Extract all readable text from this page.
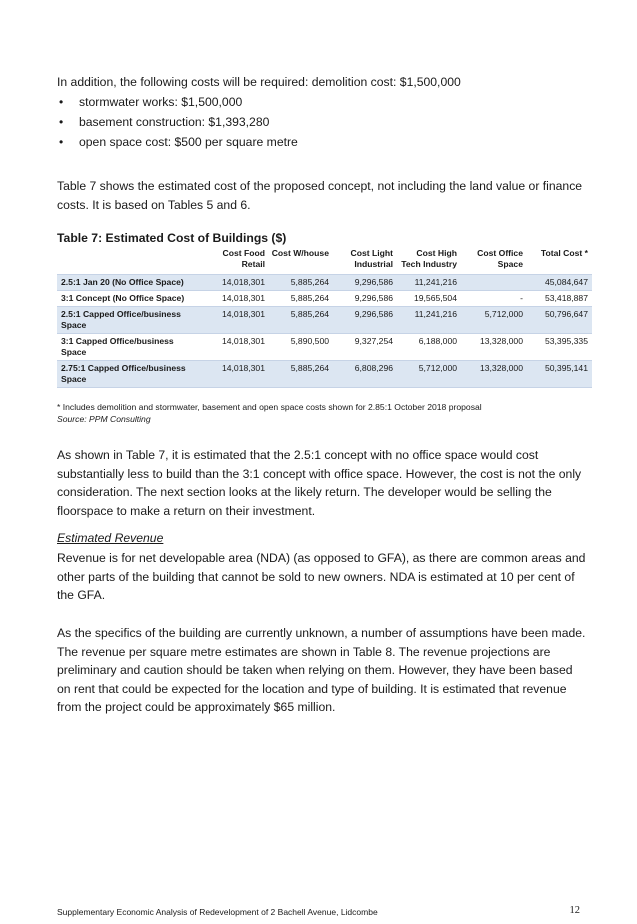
In addition, the following costs will be required: demolition cost: $1,500,000
• stormwater works: $1,500,000
• basement construction: $1,393,280
• open space cost: $500 per square metre
Table 7 shows the estimated cost of the proposed concept, not including the land value or finance costs. It is based on Tables 5 and 6.
Table 7: Estimated Cost of Buildings ($)
	Cost Food Retail	Cost W/house	Cost Light Industrial	Cost High Tech Industry	Cost Office Space	Total Cost *
2.5:1 Jan 20 (No Office Space)	14,018,301	5,885,264	9,296,586	11,241,216		45,084,647
3:1 Concept (No Office Space)	14,018,301	5,885,264	9,296,586	19,565,504	-	53,418,887
2.5:1 Capped Office/business Space	14,018,301	5,885,264	9,296,586	11,241,216	5,712,000	50,796,647
3:1 Capped Office/business Space	14,018,301	5,890,500	9,327,254	6,188,000	13,328,000	53,395,335
2.75:1 Capped Office/business Space	14,018,301	5,885,264	6,808,296	5,712,000	13,328,000	50,395,141
* Includes demolition and stormwater, basement and open space costs shown for 2.85:1 October 2018 proposal
Source: PPM Consulting
As shown in Table 7, it is estimated that the 2.5:1 concept with no office space would cost substantially less to build than the 3:1 concept with office space. However, the cost is not the only consideration. The next section looks at the likely return. The developer would be selling the floorspace to make a return on their investment.
Estimated Revenue
Revenue is for net developable area (NDA) (as opposed to GFA), as there are common areas and other parts of the building that cannot be sold to new owners. NDA is estimated at 10 per cent of the GFA.
As the specifics of the building are currently unknown, a number of assumptions have been made. The revenue per square metre estimates are shown in Table 8. The revenue projections are preliminary and caution should be taken when relying on them. However, they have been based on rent that could be expected for the location and type of building. It is estimated that revenue from the project could be approximately $65 million.
Supplementary Economic Analysis of Redevelopment of 2 Bachell Avenue, Lidcombe	12
